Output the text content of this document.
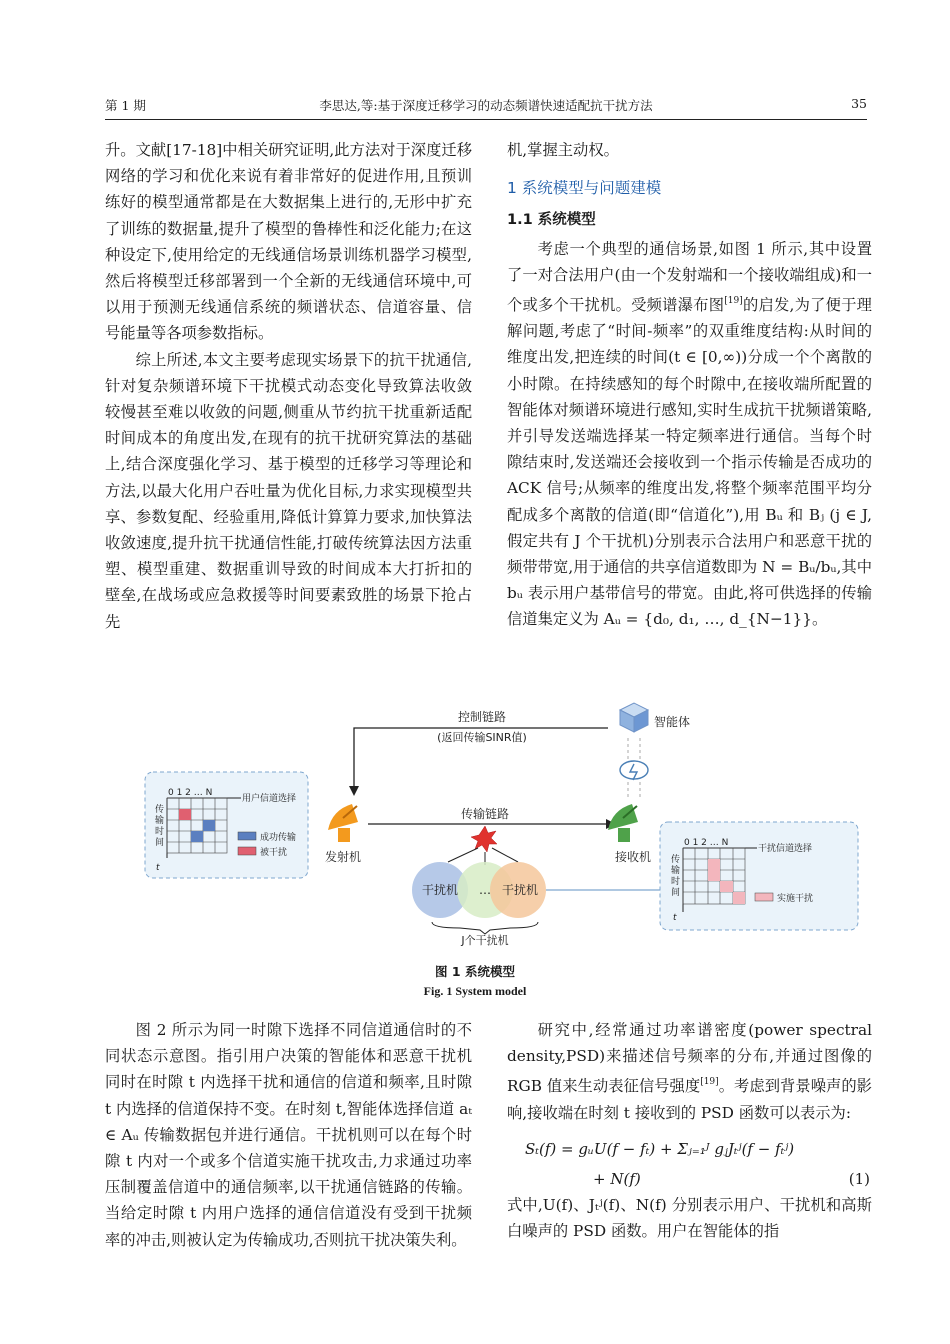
第 1 期	李思达,等:基于深度迁移学习的动态频谱快速适配抗干扰方法	35

升。文献[17-18]中相关研究证明,此方法对于深度迁移网络的学习和优化来说有着非常好的促进作用,且预训练好的模型通常都是在大数据集上进行的,无形中扩充了训练的数据量,提升了模型的鲁棒性和泛化能力;在这种设定下,使用给定的无线通信场景训练机器学习模型,然后将模型迁移部署到一个全新的无线通信环境中,可以用于预测无线通信系统的频谱状态、信道容量、信号能量等各项参数指标。

综上所述,本文主要考虑现实场景下的抗干扰通信,针对复杂频谱环境下干扰模式动态变化导致算法收敛较慢甚至难以收敛的问题,侧重从节约抗干扰重新适配时间成本的角度出发,在现有的抗干扰研究算法的基础上,结合深度强化学习、基于模型的迁移学习等理论和方法,以最大化用户吞吐量为优化目标,力求实现模型共享、参数复配、经验重用,降低计算算力要求,加快算法收敛速度,提升抗干扰通信性能,打破传统算法因方法重塑、模型重建、数据重训导致的时间成本大打折扣的壁垒,在战场或应急救援等时间要素致胜的场景下抢占先

机,掌握主动权。

1 系统模型与问题建模

1.1 系统模型

考虑一个典型的通信场景,如图 1 所示,其中设置了一对合法用户(由一个发射端和一个接收端组成)和一个或多个干扰机。受频谱瀑布图[19]的启发,为了便于理解问题,考虑了“时间-频率”的双重维度结构:从时间的维度出发,把连续的时间(t ∈ [0,∞))分成一个个离散的小时隙。在持续感知的每个时隙中,在接收端所配置的智能体对频谱环境进行感知,实时生成抗干扰频谱策略,并引导发送端选择某一特定频率进行通信。当每个时隙结束时,发送端还会接收到一个指示传输是否成功的 ACK 信号;从频率的维度出发,将整个频率范围平均分配成多个离散的信道(即“信道化”),用 Bᵤ 和 Bⱼ (j ∈ J,假定共有 J 个干扰机)分别表示合法用户和恶意干扰的频带带宽,用于通信的共享信道数即为 N = Bᵤ/bᵤ,其中 bᵤ 表示用户基带信号的带宽。由此,将可供选择的传输信道集定义为 Aᵤ = {d₀, d₁, …, d_{N−1}}。

控制链路
(返回传输SINR值)
智能体
0 1 2 … N
用户信道选择
传输时间
t
成功传输
被干扰	发射机
传输链路
接收机
干扰机 … 干扰机
J个干扰机
0 1 2 … N
干扰信道选择
传输时间
t
实施干扰
图 1 系统模型
Fig. 1 System model

图 2 所示为同一时隙下选择不同信道通信时的不同状态示意图。指引用户决策的智能体和恶意干扰机同时在时隙 t 内选择干扰和通信的信道和频率,且时隙 t 内选择的信道保持不变。在时刻 t,智能体选择信道 aₜ ∈ Aᵤ 传输数据包并进行通信。干扰机则可以在每个时隙 t 内对一个或多个信道实施干扰攻击,力求通过功率压制覆盖信道中的通信频率,以干扰通信链路的传输。当给定时隙 t 内用户选择的通信信道没有受到干扰频率的冲击,则被认定为传输成功,否则抗干扰决策失利。

研究中,经常通过功率谱密度(power spectral density,PSD)来描述信号频率的分布,并通过图像的 RGB 值来生动表征信号强度[19]。考虑到背景噪声的影响,接收端在时刻 t 接收到的 PSD 函数可以表示为:

Sₜ(f) = gᵤU(f − fₜ) + Σⱼ₌₁ᴶ gⱼJₜʲ(f − fₜʲ)
+ N(f)	(1)

式中,U(f)、Jₜʲ(f)、N(f) 分别表示用户、干扰机和高斯白噪声的 PSD 函数。用户在智能体的指
